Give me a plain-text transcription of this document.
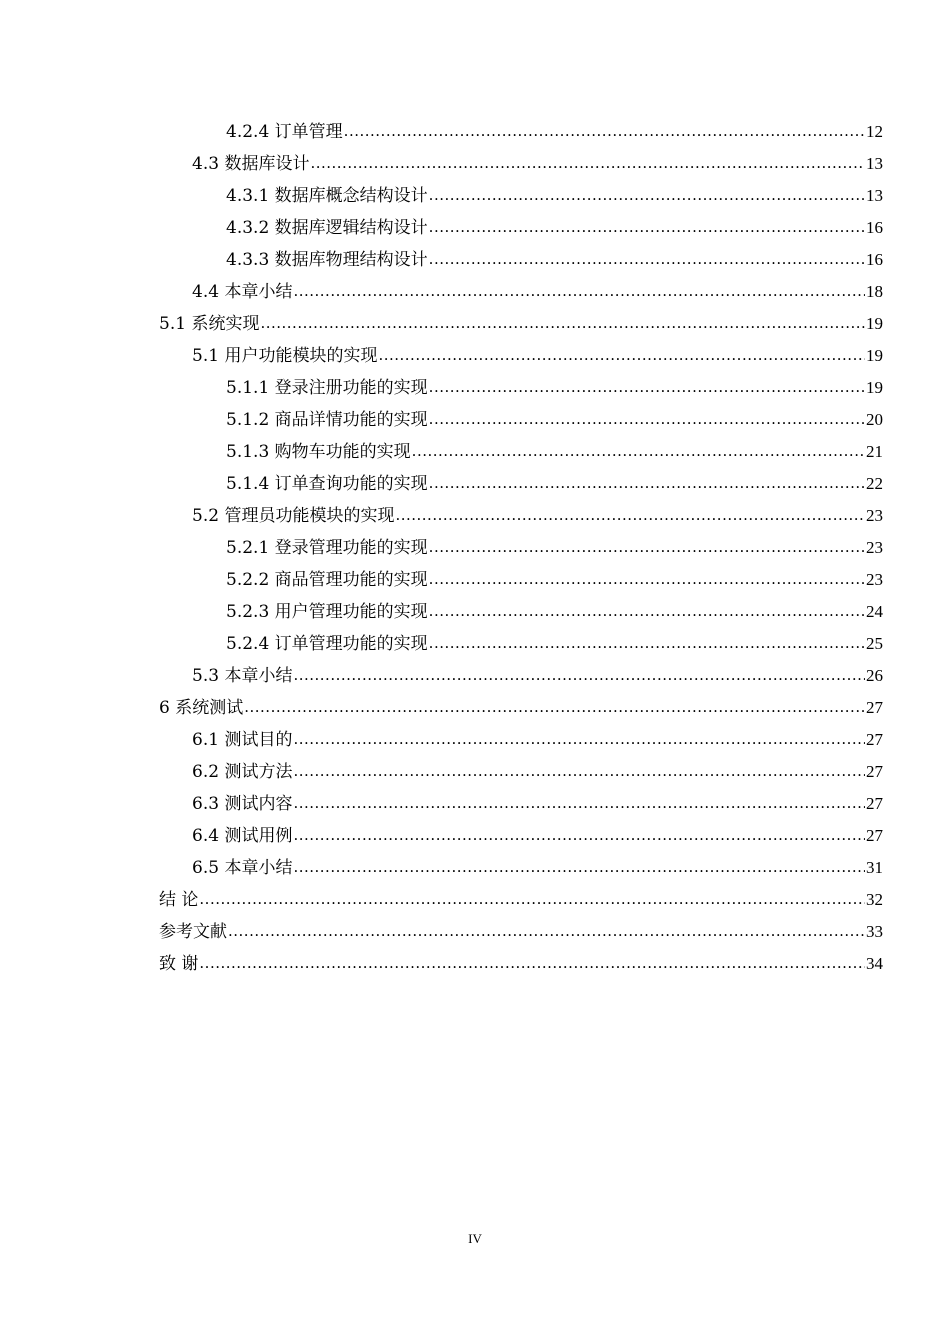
4.2.4 订单管理 .....	12
4.3 数据库设计 .....	13
4.3.1 数据库概念结构设计 .....	13
4.3.2 数据库逻辑结构设计 .....	16
4.3.3 数据库物理结构设计 .....	16
4.4 本章小结 .....	18
5.1 系统实现 .....	19
5.1 用户功能模块的实现 .....	19
5.1.1 登录注册功能的实现 .....	19
5.1.2 商品详情功能的实现 .....	20
5.1.3 购物车功能的实现 .....	21
5.1.4 订单查询功能的实现 .....	22
5.2 管理员功能模块的实现 .....	23
5.2.1 登录管理功能的实现 .....	23
5.2.2 商品管理功能的实现 .....	23
5.2.3 用户管理功能的实现 .....	24
5.2.4 订单管理功能的实现 .....	25
5.3 本章小结 .....	26
6 系统测试 .....	27
6.1 测试目的 .....	27
6.2 测试方法 .....	27
6.3 测试内容 .....	27
6.4 测试用例 .....	27
6.5 本章小结 .....	31
结 论 .....	32
参考文献 .....	33
致 谢 .....	34
IV
